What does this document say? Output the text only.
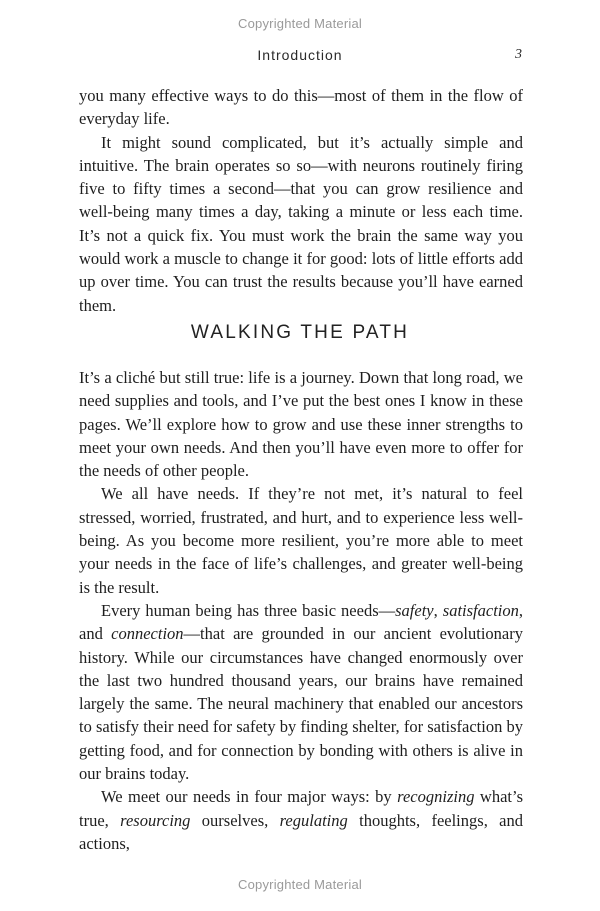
Copyrighted Material
Introduction	3

you many effective ways to do this—most of them in the flow of everyday life.

It might sound complicated, but it’s actually simple and intuitive. The brain operates so so—with neurons routinely firing five to fifty times a second—that you can grow resilience and well-being many times a day, taking a minute or less each time. It’s not a quick fix. You must work the brain the same way you would work a muscle to change it for good: lots of little efforts add up over time. You can trust the results because you’ll have earned them.

WALKING THE PATH

It’s a cliché but still true: life is a journey. Down that long road, we need supplies and tools, and I’ve put the best ones I know in these pages. We’ll explore how to grow and use these inner strengths to meet your own needs. And then you’ll have even more to offer for the needs of other people.

We all have needs. If they’re not met, it’s natural to feel stressed, worried, frustrated, and hurt, and to experience less well-being. As you become more resilient, you’re more able to meet your needs in the face of life’s challenges, and greater well-being is the result.

Every human being has three basic needs—safety, satisfaction, and connection—that are grounded in our ancient evolutionary history. While our circumstances have changed enormously over the last two hundred thousand years, our brains have remained largely the same. The neural machinery that enabled our ancestors to satisfy their need for safety by finding shelter, for satisfaction by getting food, and for connection by bonding with others is alive in our brains today.

We meet our needs in four major ways: by recognizing what’s true, resourcing ourselves, regulating thoughts, feelings, and actions,

Copyrighted Material
